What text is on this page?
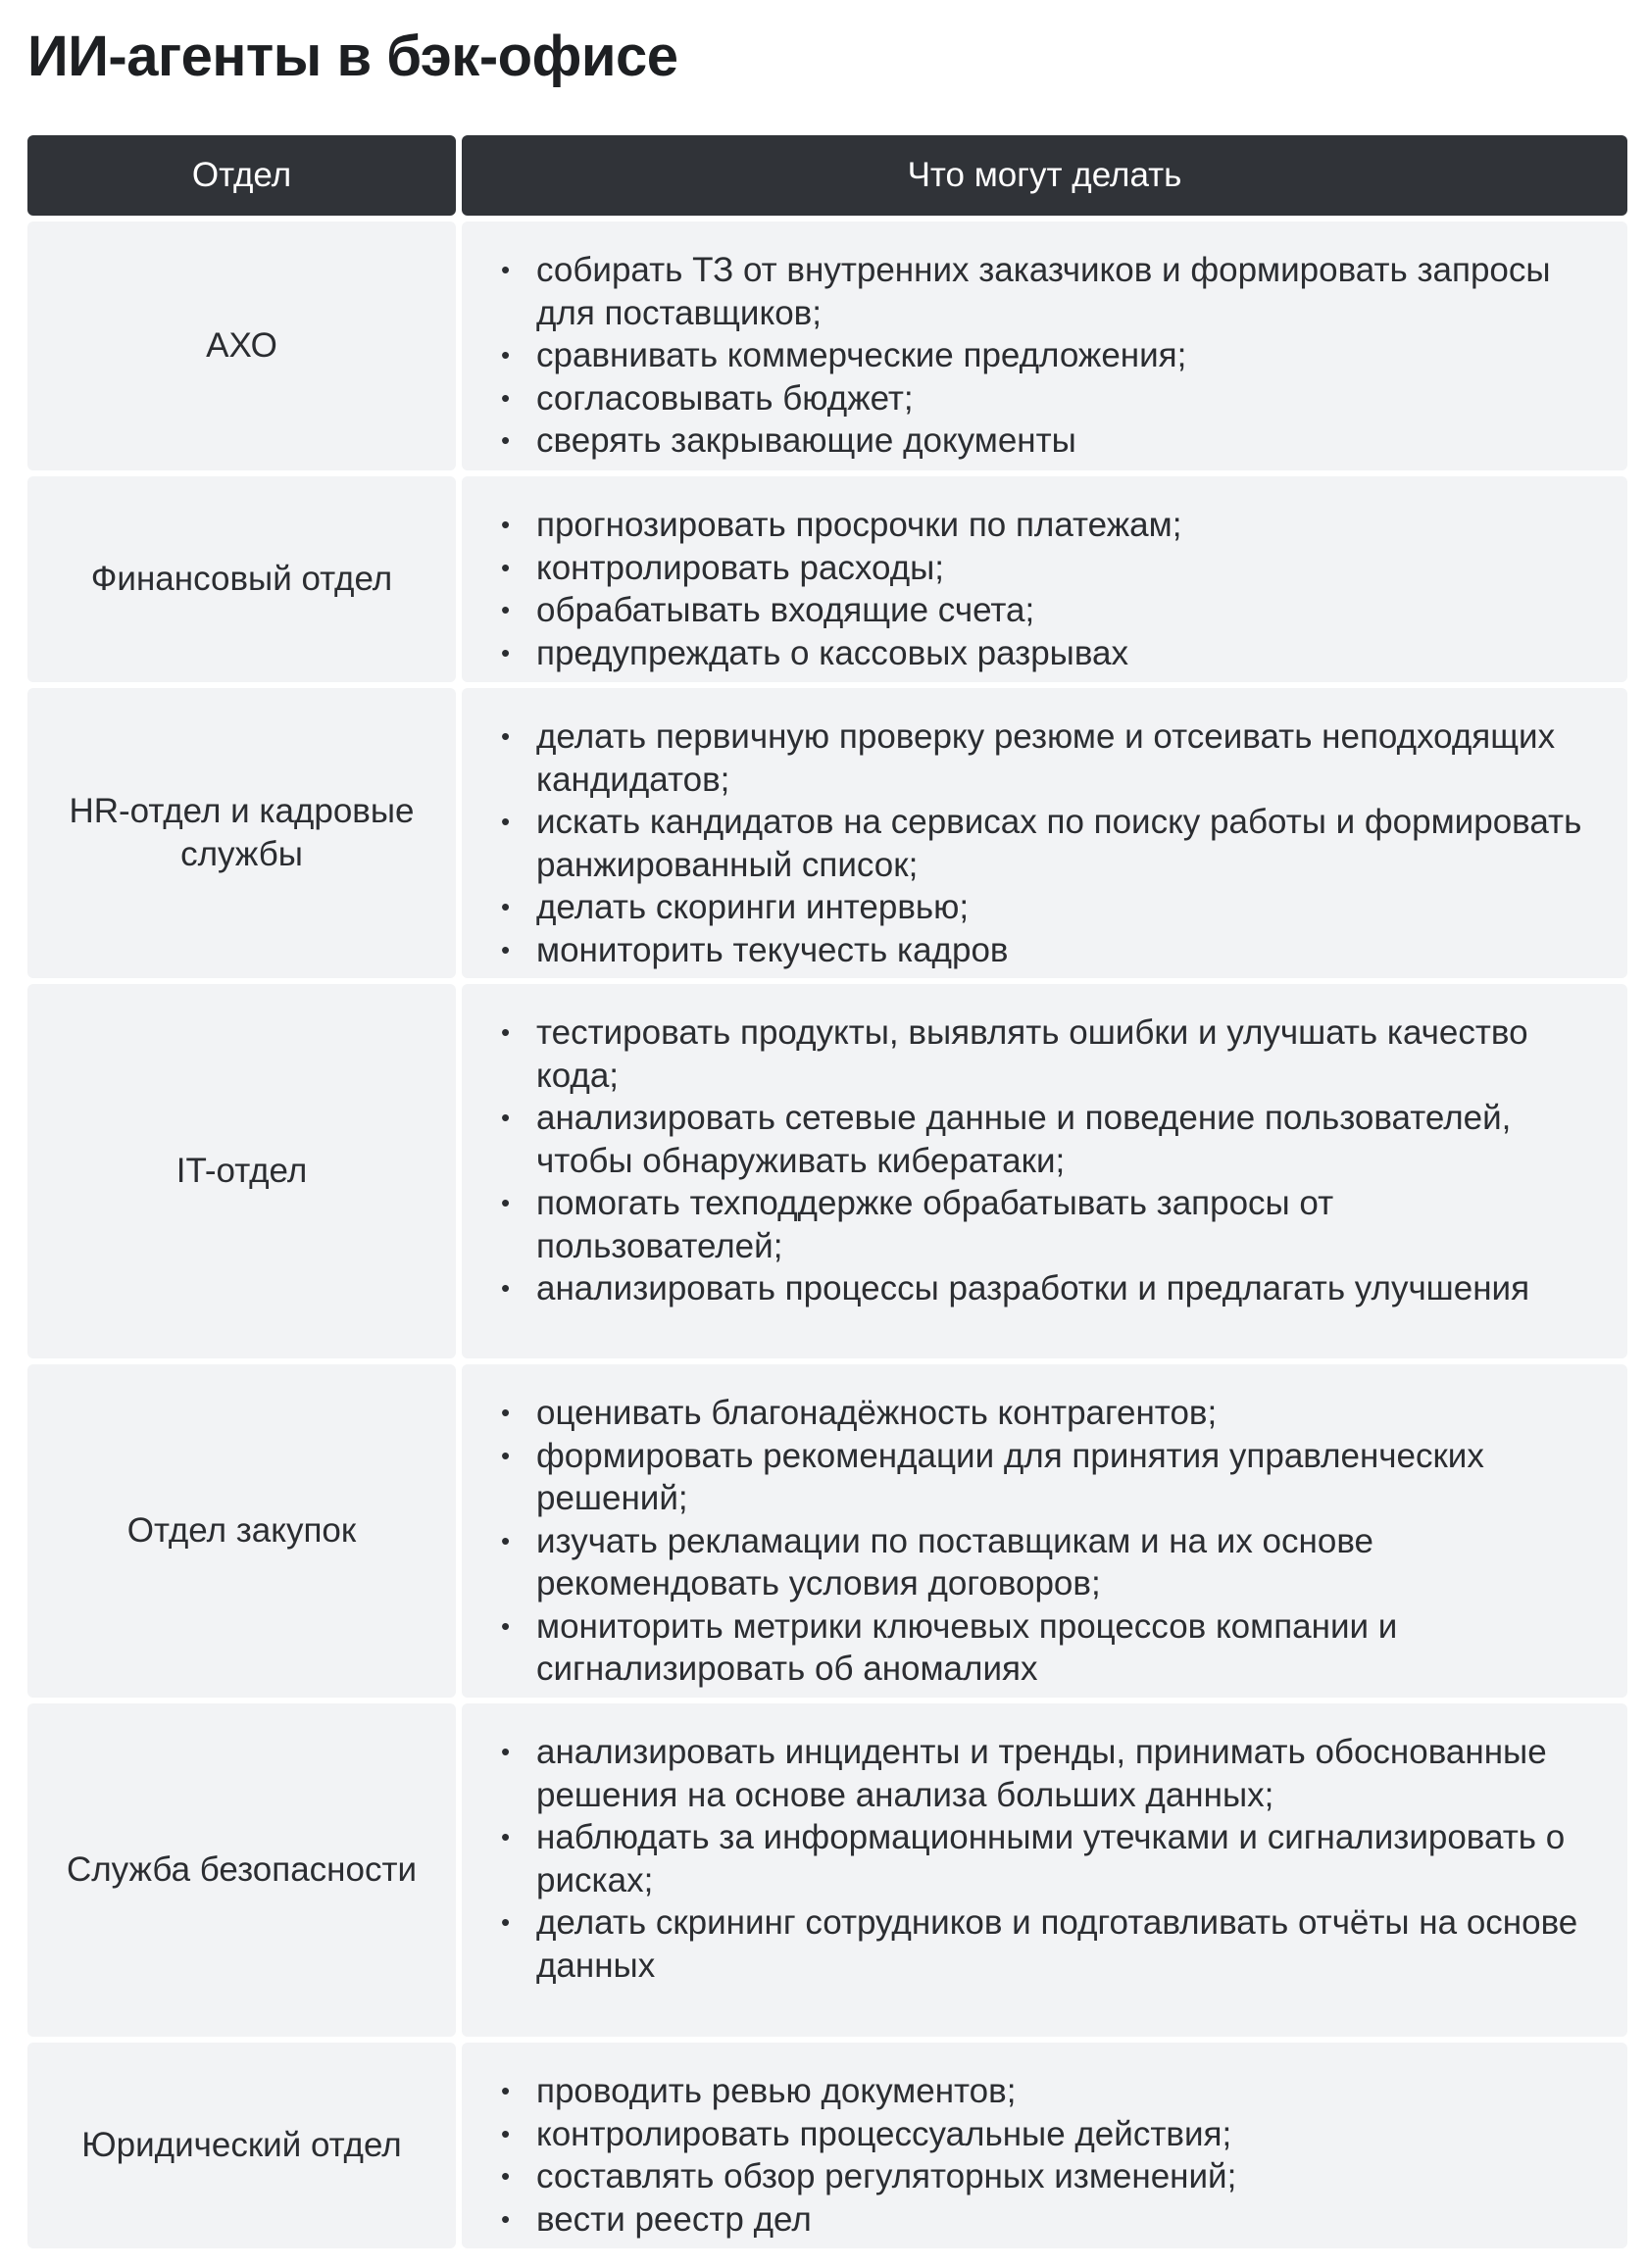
ИИ-агенты в бэк-офисе
Отдел	Что могут делать
АХО
• собирать ТЗ от внутренних заказчиков и формировать запросы для поставщиков;
• сравнивать коммерческие предложения;
• согласовывать бюджет;
• сверять закрывающие документы
Финансовый отдел
• прогнозировать просрочки по платежам;
• контролировать расходы;
• обрабатывать входящие счета;
• предупреждать о кассовых разрывах
HR-отдел и кадровые службы
• делать первичную проверку резюме и отсеивать неподходящих кандидатов;
• искать кандидатов на сервисах по поиску работы и формировать ранжированный список;
• делать скоринги интервью;
• мониторить текучесть кадров
IT-отдел
• тестировать продукты, выявлять ошибки и улучшать качество кода;
• анализировать сетевые данные и поведение пользователей, чтобы обнаруживать кибератаки;
• помогать техподдержке обрабатывать запросы от пользователей;
• анализировать процессы разработки и предлагать улучшения
Отдел закупок
• оценивать благонадёжность контрагентов;
• формировать рекомендации для принятия управленческих решений;
• изучать рекламации по поставщикам и на их основе рекомендовать условия договоров;
• мониторить метрики ключевых процессов компании и сигнализировать об аномалиях
Служба безопасности
• анализировать инциденты и тренды, принимать обоснованные решения на основе анализа больших данных;
• наблюдать за информационными утечками и сигнализировать о рисках;
• делать скрининг сотрудников и подготавливать отчёты на основе данных
Юридический отдел
• проводить ревью документов;
• контролировать процессуальные действия;
• составлять обзор регуляторных изменений;
• вести реестр дел
